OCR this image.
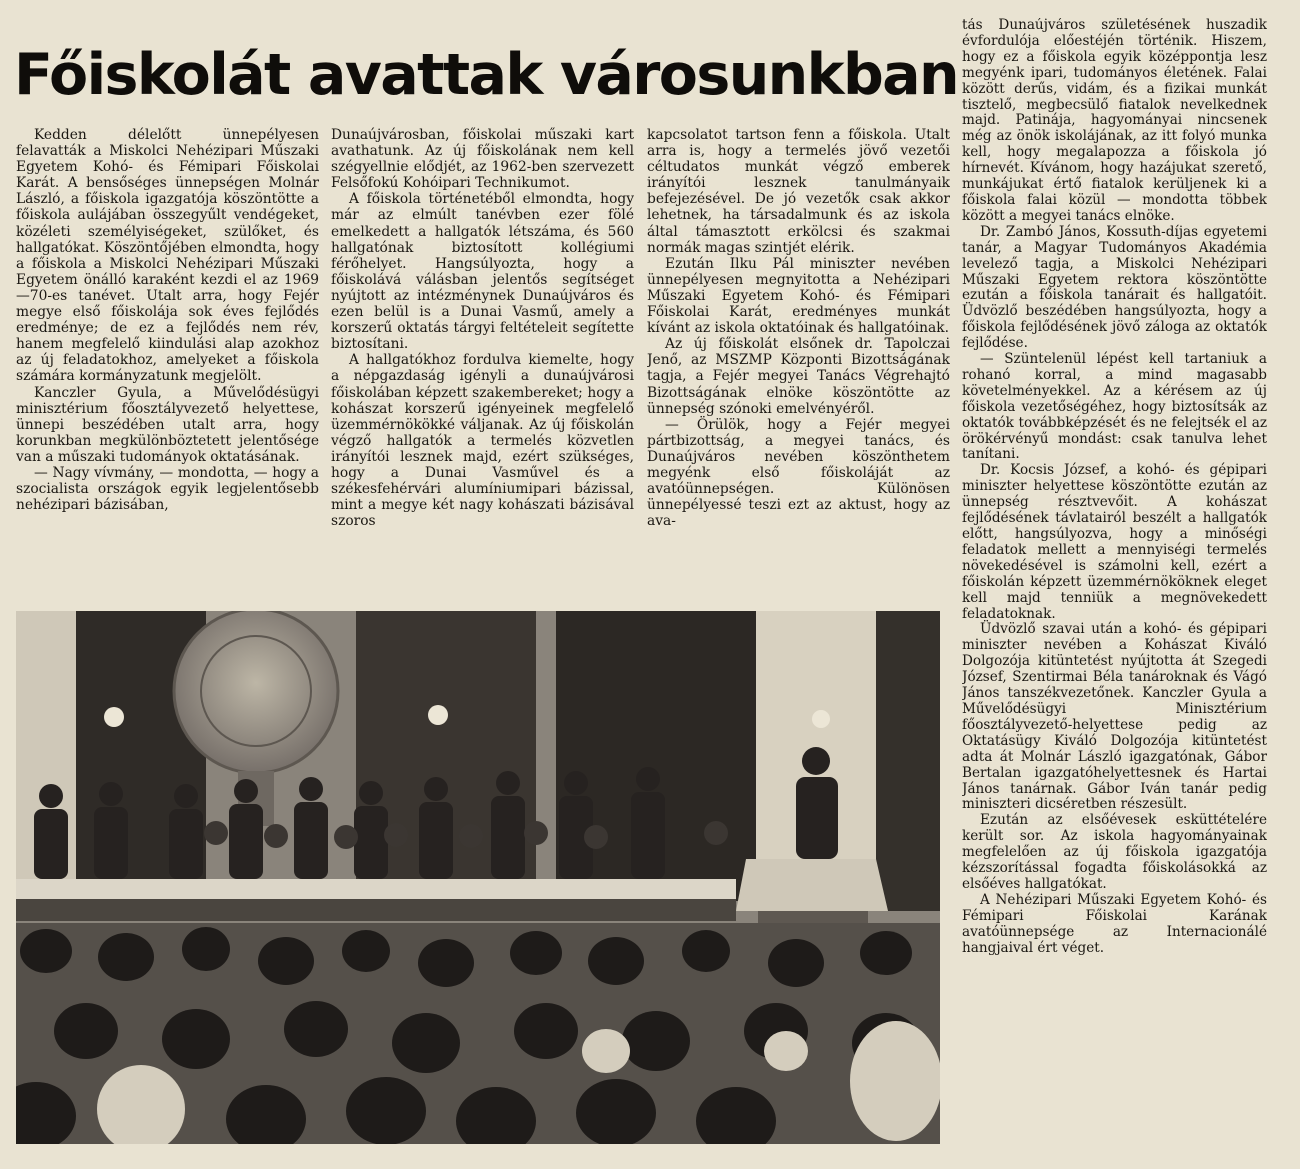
Főiskolát avattak városunkban

Kedden délelőtt ünnepélyesen felavatták a Miskolci Nehézipari Műszaki Egyetem Kohó- és Fémipari Főiskolai Karát. A bensőséges ünnepségen Molnár László, a főiskola igazgatója köszöntötte a főiskola aulájában összegyűlt vendégeket, közéleti személyiségeket, szülőket, és hallgatókat. Köszöntőjében elmondta, hogy a főiskola a Miskolci Nehézipari Műszaki Egyetem önálló karaként kezdi el az 1969—70-es tanévet. Utalt arra, hogy Fejér megye első főiskolája sok éves fejlődés eredménye; de ez a fejlődés nem rév, hanem megfelelő kiindulási alap azokhoz az új feladatokhoz, amelyeket a főiskola számára kormányzatunk megjelölt.

Kanczler Gyula, a Művelődésügyi minisztérium főosztályvezető helyettese, ünnepi beszédében utalt arra, hogy korunkban megkülönböztetett jelentősége van a műszaki tudományok oktatásának.

— Nagy vívmány, — mondotta, — hogy a szocialista országok egyik legjelentősebb nehézipari bázisában,

Dunaújvárosban, főiskolai műszaki kart avathatunk. Az új főiskolának nem kell szégyellnie elődjét, az 1962-ben szervezett Felsőfokú Kohóipari Technikumot.

A főiskola történetéből elmondta, hogy már az elmúlt tanévben ezer fölé emelkedett a hallgatók létszáma, és 560 hallgatónak biztosított kollégiumi férőhelyet. Hangsúlyozta, hogy a főiskolává válásban jelentős segítséget nyújtott az intézménynek Dunaújváros és ezen belül is a Dunai Vasmű, amely a korszerű oktatás tárgyi feltételeit segítette biztosítani.

A hallgatókhoz fordulva kiemelte, hogy a népgazdaság igényli a dunaújvárosi főiskolában képzett szakembereket; hogy a kohászat korszerű igényeinek megfelelő üzemmérnökökké váljanak. Az új főiskolán végző hallgatók a termelés közvetlen irányítói lesznek majd, ezért szükséges, hogy a Dunai Vasművel és a székesfehérvári alumíniumipari bázissal, mint a megye két nagy kohászati bázisával szoros

kapcsolatot tartson fenn a főiskola. Utalt arra is, hogy a termelés jövő vezetői céltudatos munkát végző emberek irányítói lesznek tanulmányaik befejezésével. De jó vezetők csak akkor lehetnek, ha társadalmunk és az iskola által támasztott erkölcsi és szakmai normák magas szintjét elérik.

Ezután Ilku Pál miniszter nevében ünnepélyesen megnyitotta a Nehézipari Műszaki Egyetem Kohó- és Fémipari Főiskolai Karát, eredményes munkát kívánt az iskola oktatóinak és hallgatóinak.

Az új főiskolát elsőnek dr. Tapolczai Jenő, az MSZMP Központi Bizottságának tagja, a Fejér megyei Tanács Végrehajtó Bizottságának elnöke köszöntötte az ünnepség szónoki emelvényéről.

— Örülök, hogy a Fejér megyei pártbizottság, a megyei tanács, és Dunaújváros nevében köszönthetem megyénk első főiskoláját az avatóünnepségen. Különösen ünnepélyessé teszi ezt az aktust, hogy az ava-

tás Dunaújváros születésének huszadik évfordulója előestéjén történik. Hiszem, hogy ez a főiskola egyik középpontja lesz megyénk ipari, tudományos életének. Falai között derűs, vidám, és a fizikai munkát tisztelő, megbecsülő fiatalok nevelkednek majd. Patinája, hagyományai nincsenek még az önök iskolájának, az itt folyó munka kell, hogy megalapozza a főiskola jó hírnevét. Kívánom, hogy hazájukat szerető, munkájukat értő fiatalok kerüljenek ki a főiskola falai közül — mondotta többek között a megyei tanács elnöke.

Dr. Zambó János, Kossuth-díjas egyetemi tanár, a Magyar Tudományos Akadémia levelező tagja, a Miskolci Nehézipari Műszaki Egyetem rektora köszöntötte ezután a főiskola tanárait és hallgatóit. Üdvözlő beszédében hangsúlyozta, hogy a főiskola fejlődésének jövő záloga az oktatók fejlődése.

— Szüntelenül lépést kell tartaniuk a rohanó korral, a mind magasabb követelményekkel. Az a kérésem az új főiskola vezetőségéhez, hogy biztosítsák az oktatók továbbképzését és ne felejtsék el az örökérvényű mondást: csak tanulva lehet tanítani.

Dr. Kocsis József, a kohó- és gépipari miniszter helyettese köszöntötte ezután az ünnepség résztvevőit. A kohászat fejlődésének távlatairól beszélt a hallgatók előtt, hangsúlyozva, hogy a minőségi feladatok mellett a mennyiségi termelés növekedésével is számolni kell, ezért a főiskolán képzett üzemmérnököknek eleget kell majd tenniük a megnövekedett feladatoknak.

Üdvözlő szavai után a kohó- és gépipari miniszter nevében a Kohászat Kiváló Dolgozója kitüntetést nyújtotta át Szegedi József, Szentirmai Béla tanároknak és Vágó János tanszékvezetőnek. Kanczler Gyula a Művelődésügyi Minisztérium főosztályvezető-helyettese pedig az Oktatásügy Kiváló Dolgozója kitüntetést adta át Molnár László igazgatónak, Gábor Bertalan igazgatóhelyettesnek és Hartai János tanárnak. Gábor Iván tanár pedig miniszteri dicséretben részesült.

Ezután az elsőévesek esküttételére került sor. Az iskola hagyományainak megfelelően az új főiskola igazgatója kézszorítással fogadta főiskolásokká az elsőéves hallgatókat.

A Nehézipari Műszaki Egyetem Kohó- és Fémipari Főiskolai Karának avatóünnepsége az Internacionálé hangjaival ért véget.
